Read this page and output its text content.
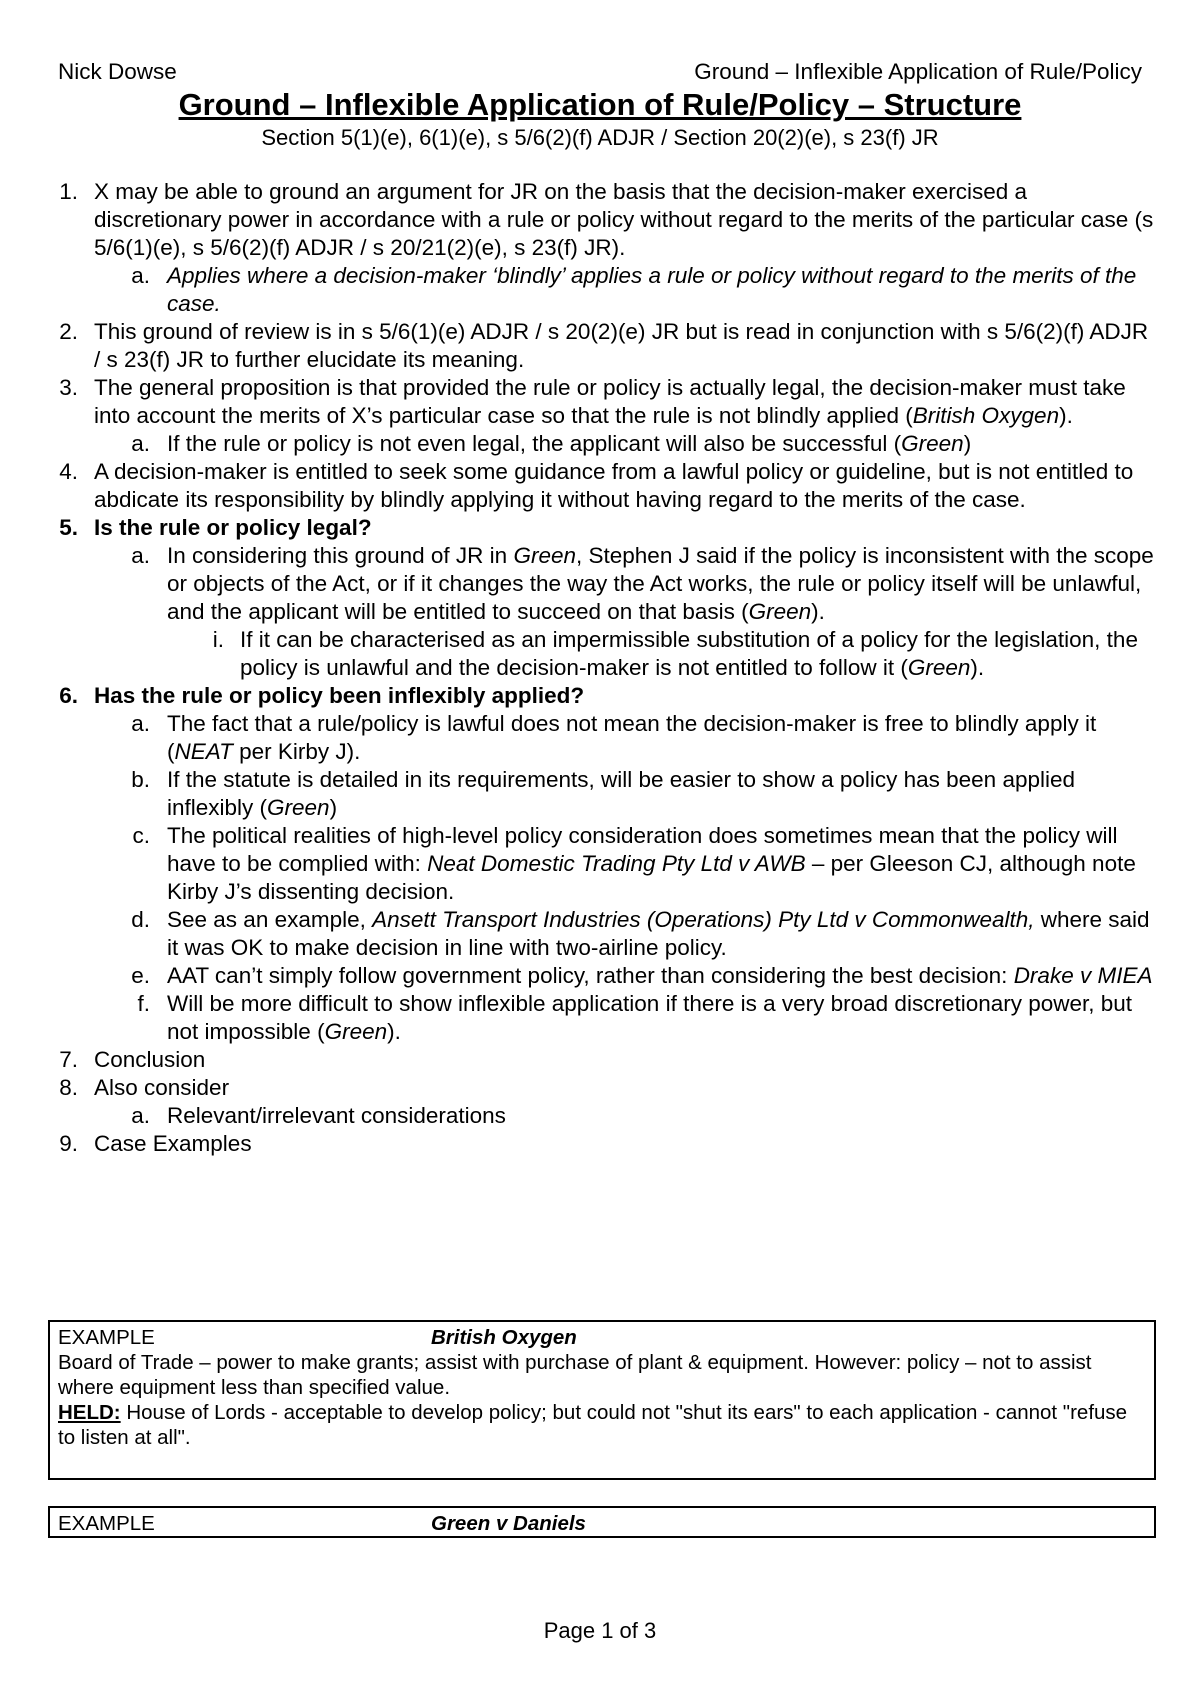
Nick Dowse	Ground – Inflexible Application of Rule/Policy
Ground – Inflexible Application of Rule/Policy – Structure
Section 5(1)(e), 6(1)(e), s 5/6(2)(f) ADJR / Section 20(2)(e), s 23(f) JR
1. X may be able to ground an argument for JR on the basis that the decision-maker exercised a discretionary power in accordance with a rule or policy without regard to the merits of the particular case (s 5/6(1)(e), s 5/6(2)(f) ADJR / s 20/21(2)(e), s 23(f) JR).
a. Applies where a decision-maker ‘blindly’ applies a rule or policy without regard to the merits of the case.
2. This ground of review is in s 5/6(1)(e) ADJR / s 20(2)(e) JR but is read in conjunction with s 5/6(2)(f) ADJR / s 23(f) JR to further elucidate its meaning.
3. The general proposition is that provided the rule or policy is actually legal, the decision-maker must take into account the merits of X’s particular case so that the rule is not blindly applied (British Oxygen).
a. If the rule or policy is not even legal, the applicant will also be successful (Green)
4. A decision-maker is entitled to seek some guidance from a lawful policy or guideline, but is not entitled to abdicate its responsibility by blindly applying it without having regard to the merits of the case.
5. Is the rule or policy legal?
a. In considering this ground of JR in Green, Stephen J said if the policy is inconsistent with the scope or objects of the Act, or if it changes the way the Act works, the rule or policy itself will be unlawful, and the applicant will be entitled to succeed on that basis (Green).
i. If it can be characterised as an impermissible substitution of a policy for the legislation, the policy is unlawful and the decision-maker is not entitled to follow it (Green).
6. Has the rule or policy been inflexibly applied?
a. The fact that a rule/policy is lawful does not mean the decision-maker is free to blindly apply it (NEAT per Kirby J).
b. If the statute is detailed in its requirements, will be easier to show a policy has been applied inflexibly (Green)
c. The political realities of high-level policy consideration does sometimes mean that the policy will have to be complied with: Neat Domestic Trading Pty Ltd v AWB – per Gleeson CJ, although note Kirby J’s dissenting decision.
d. See as an example, Ansett Transport Industries (Operations) Pty Ltd v Commonwealth, where said it was OK to make decision in line with two-airline policy.
e. AAT can’t simply follow government policy, rather than considering the best decision: Drake v MIEA
f. Will be more difficult to show inflexible application if there is a very broad discretionary power, but not impossible (Green).
7. Conclusion
8. Also consider
a. Relevant/irrelevant considerations
9. Case Examples
EXAMPLE	British Oxygen
Board of Trade – power to make grants; assist with purchase of plant & equipment. However: policy – not to assist where equipment less than specified value.
HELD: House of Lords - acceptable to develop policy; but could not "shut its ears" to each application - cannot "refuse to listen at all".
EXAMPLE	Green v Daniels
Page 1 of 3
